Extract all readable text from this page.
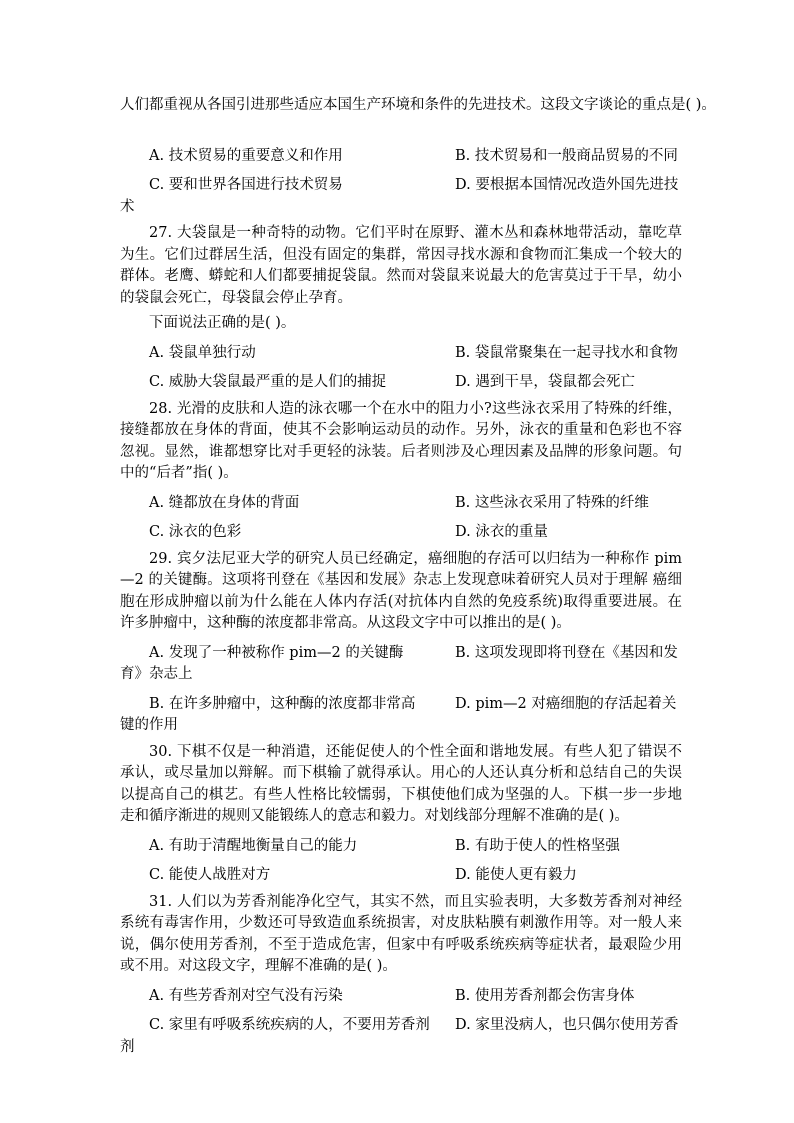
人们都重视从各国引进那些适应本国生产环境和条件的先进技术。这段文字谈论的重点是( )。

A. 技术贸易的重要意义和作用	B. 技术贸易和一般商品贸易的不同
C. 要和世界各国进行技术贸易	D. 要根据本国情况改造外国先进技术

27. 大袋鼠是一种奇特的动物。它们平时在原野、灌木丛和森林地带活动，靠吃草为生。它们过群居生活，但没有固定的集群，常因寻找水源和食物而汇集成一个较大的 群体。老鹰、蟒蛇和人们都要捕捉袋鼠。然而对袋鼠来说最大的危害莫过于干旱，幼小的袋鼠会死亡，母袋鼠会停止孕育。

下面说法正确的是( )。

A. 袋鼠单独行动	B. 袋鼠常聚集在一起寻找水和食物
C. 威胁大袋鼠最严重的是人们的捕捉	D. 遇到干旱，袋鼠都会死亡

28. 光滑的皮肤和人造的泳衣哪一个在水中的阻力小?这些泳衣采用了特殊的纤维，接缝都放在身体的背面，使其不会影响运动员的动作。另外，泳衣的重量和色彩也不容忽视。显然，谁都想穿比对手更轻的泳装。后者则涉及心理因素及品牌的形象问题。句中的“后者”指( )。

A. 缝都放在身体的背面	B. 这些泳衣采用了特殊的纤维
C. 泳衣的色彩	D. 泳衣的重量

29. 宾夕法尼亚大学的研究人员已经确定，癌细胞的存活可以归结为一种称作 pim—2 的关键酶。这项将刊登在《基因和发展》杂志上发现意味着研究人员对于理解 癌细胞在形成肿瘤以前为什么能在人体内存活(对抗体内自然的免疫系统)取得重要进展。在许多肿瘤中，这种酶的浓度都非常高。从这段文字中可以推出的是( )。

A. 发现了一种被称作 pim—2 的关键酶	B. 这项发现即将刊登在《基因和发育》杂志上
B. 在许多肿瘤中，这种酶的浓度都非常高	D. pim—2 对癌细胞的存活起着关键的作用

30. 下棋不仅是一种消遣，还能促使人的个性全面和谐地发展。有些人犯了错误不承认，或尽量加以辩解。而下棋输了就得承认。用心的人还认真分析和总结自己的失误 以提高自己的棋艺。有些人性格比较懦弱，下棋使他们成为坚强的人。下棋一步一步地走和循序渐进的规则又能锻练人的意志和毅力。对划线部分理解不准确的是( )。

A. 有助于清醒地衡量自己的能力	B. 有助于使人的性格坚强
C. 能使人战胜对方	D. 能使人更有毅力

31. 人们以为芳香剂能净化空气，其实不然，而且实验表明，大多数芳香剂对神经系统有毒害作用，少数还可导致造血系统损害，对皮肤粘膜有刺激作用等。对一般人来说，偶尔使用芳香剂，不至于造成危害，但家中有呼吸系统疾病等症状者，最艰险少用或不用。对这段文字，理解不准确的是( )。

A. 有些芳香剂对空气没有污染	B. 使用芳香剂都会伤害身体
C. 家里有呼吸系统疾病的人，不要用芳香剂 D. 家里没病人，也只偶尔使用芳香剂
